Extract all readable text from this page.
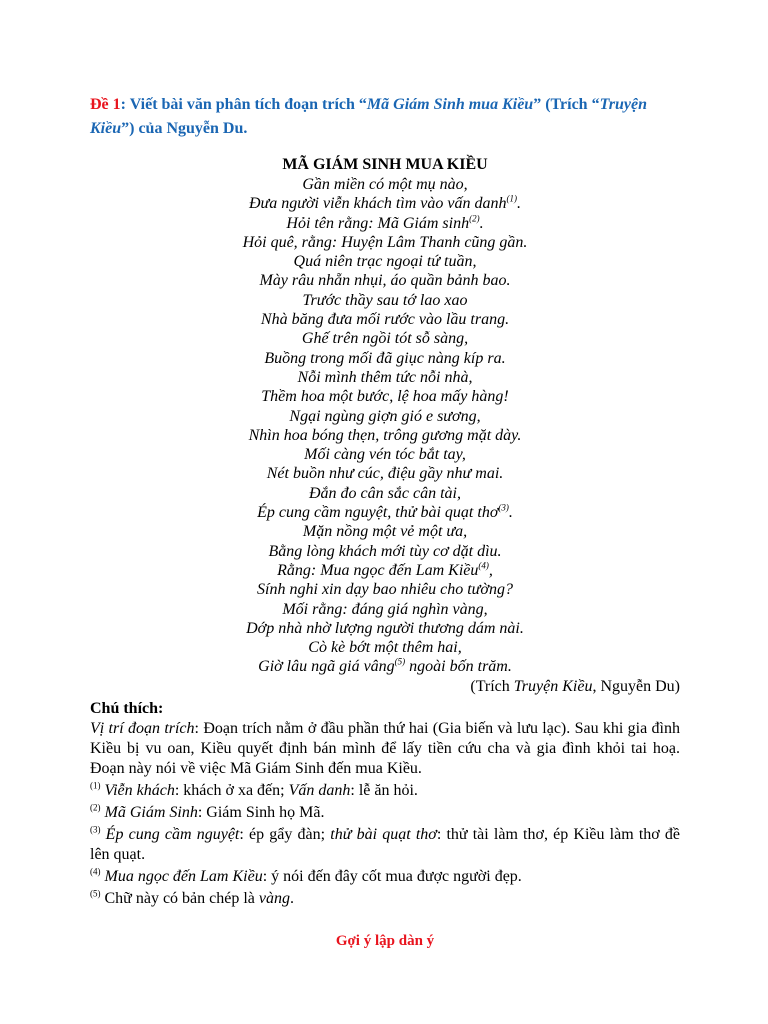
Đề 1: Viết bài văn phân tích đoạn trích “Mã Giám Sinh mua Kiều” (Trích “Truyện Kiều”) của Nguyễn Du.

MÃ GIÁM SINH MUA KIỀU
Gần miền có một mụ nào,
Đưa người viễn khách tìm vào vấn danh$^{(1)}$.
Hỏi tên rằng: Mã Giám $\sinh^{(2)}$.
Hỏi quê, rằng: Huyện Lâm Thanh cũng gần.
Quá niên trạc ngoại tứ tuần,
Mày râu nhẵn nhụi, áo quần bảnh bao.
Trước thầy sau tớ lao xao
Nhà băng đưa mối rước vào lầu trang.
Ghế trên ngồi tót sỗ sàng,
Buồng trong mối đã giục nàng kíp ra.
Nỗi mình thêm tức nỗi nhà,
Thềm hoa một bước, lệ hoa mấy hàng!
Ngại ngùng giợn gió e sương,
Nhìn hoa bóng thẹn, trông gương mặt dày.
Mối càng vén tóc bắt tay,
Nét buồn như cúc, điệu gầy như mai.
Đắn đo cân sắc cân tài,
Ép cung cầm nguyệt, thử bài quạt thơ$^{(3)}$.
Mặn nồng một vẻ một ưa,
Bằng lòng khách mới tùy cơ dặt dìu.
Rằng: Mua ngọc đến Lam Kiều$^{(4)}$,
Sính nghi xin dạy bao nhiêu cho tường?
Mối rằng: đáng giá nghìn vàng,
Dớp nhà nhờ lượng người thương dám nài.
Cò kè bớt một thêm hai,
Giờ lâu ngã giá vâng$^{(5)}$ ngoài bốn trăm.
(Trích Truyện Kiều, Nguyễn Du)
Chú thích:

Vị trí đoạn trích: Đoạn trích nằm ở đầu phần thứ hai (Gia biến và lưu lạc). Sau khi gia đình Kiều bị vu oan, Kiều quyết định bán mình để lấy tiền cứu cha và gia đình khỏi tai hoạ. Đoạn này nói về việc Mã Giám Sinh đến mua Kiều.

$^{(1)}$ Viễn khách: khách ở xa đến; Vấn danh: lễ ăn hỏi.

$^{(2)}$ Mã Giám Sinh: Giám Sinh họ Mã.

$^{(3)}$ Ép cung cầm nguyệt: ép gẩy đàn; thử bài quạt thơ: thử tài làm thơ, ép Kiều làm thơ đề lên quạt.

$^{(4)}$ Mua ngọc đến Lam Kiều: ý nói đến đây cốt mua được người đẹp.

$^{(5)}$ Chữ này có bản chép là vàng.

Gợi ý lập dàn ý
